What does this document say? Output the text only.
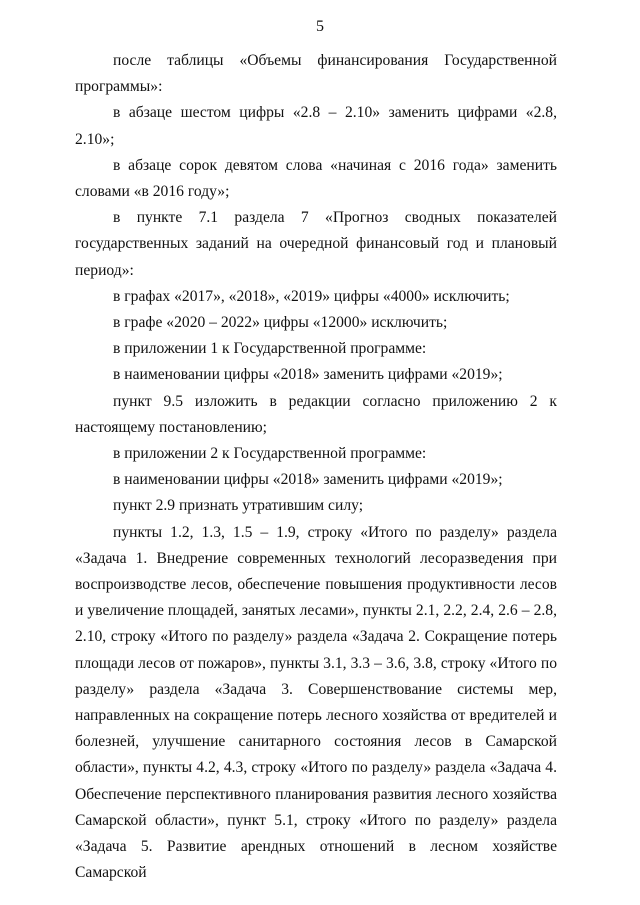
5

после таблицы «Объемы финансирования Государственной программы»:

в абзаце шестом цифры «2.8 – 2.10» заменить цифрами «2.8, 2.10»;

в абзаце сорок девятом слова «начиная с 2016 года» заменить словами «в 2016 году»;

в пункте 7.1 раздела 7 «Прогноз сводных показателей государственных заданий на очередной финансовый год и плановый период»:

в графах «2017», «2018», «2019» цифры «4000» исключить;

в графе «2020 – 2022» цифры «12000» исключить;

в приложении 1 к Государственной программе:

в наименовании цифры «2018» заменить цифрами «2019»;

пункт 9.5 изложить в редакции согласно приложению 2 к настоящему постановлению;

в приложении 2 к Государственной программе:

в наименовании цифры «2018» заменить цифрами «2019»;

пункт 2.9 признать утратившим силу;

пункты 1.2, 1.3, 1.5 – 1.9, строку «Итого по разделу» раздела «Задача 1. Внедрение современных технологий лесоразведения при воспроизводстве лесов, обеспечение повышения продуктивности лесов и увеличение площадей, занятых лесами», пункты 2.1, 2.2, 2.4, 2.6 – 2.8, 2.10, строку «Итого по разделу» раздела «Задача 2. Сокращение потерь площади лесов от пожаров», пункты 3.1, 3.3 – 3.6, 3.8, строку «Итого по разделу» раздела «Задача 3. Совершенствование системы мер, направленных на сокращение потерь лесного хозяйства от вредителей и болезней, улучшение санитарного состояния лесов в Самарской области», пункты 4.2, 4.3, строку «Итого по разделу» раздела «Задача 4. Обеспечение перспективного планирования развития лесного хозяйства Самарской области», пункт 5.1, строку «Итого по разделу» раздела «Задача 5. Развитие арендных отношений в лесном хозяйстве Самарской
